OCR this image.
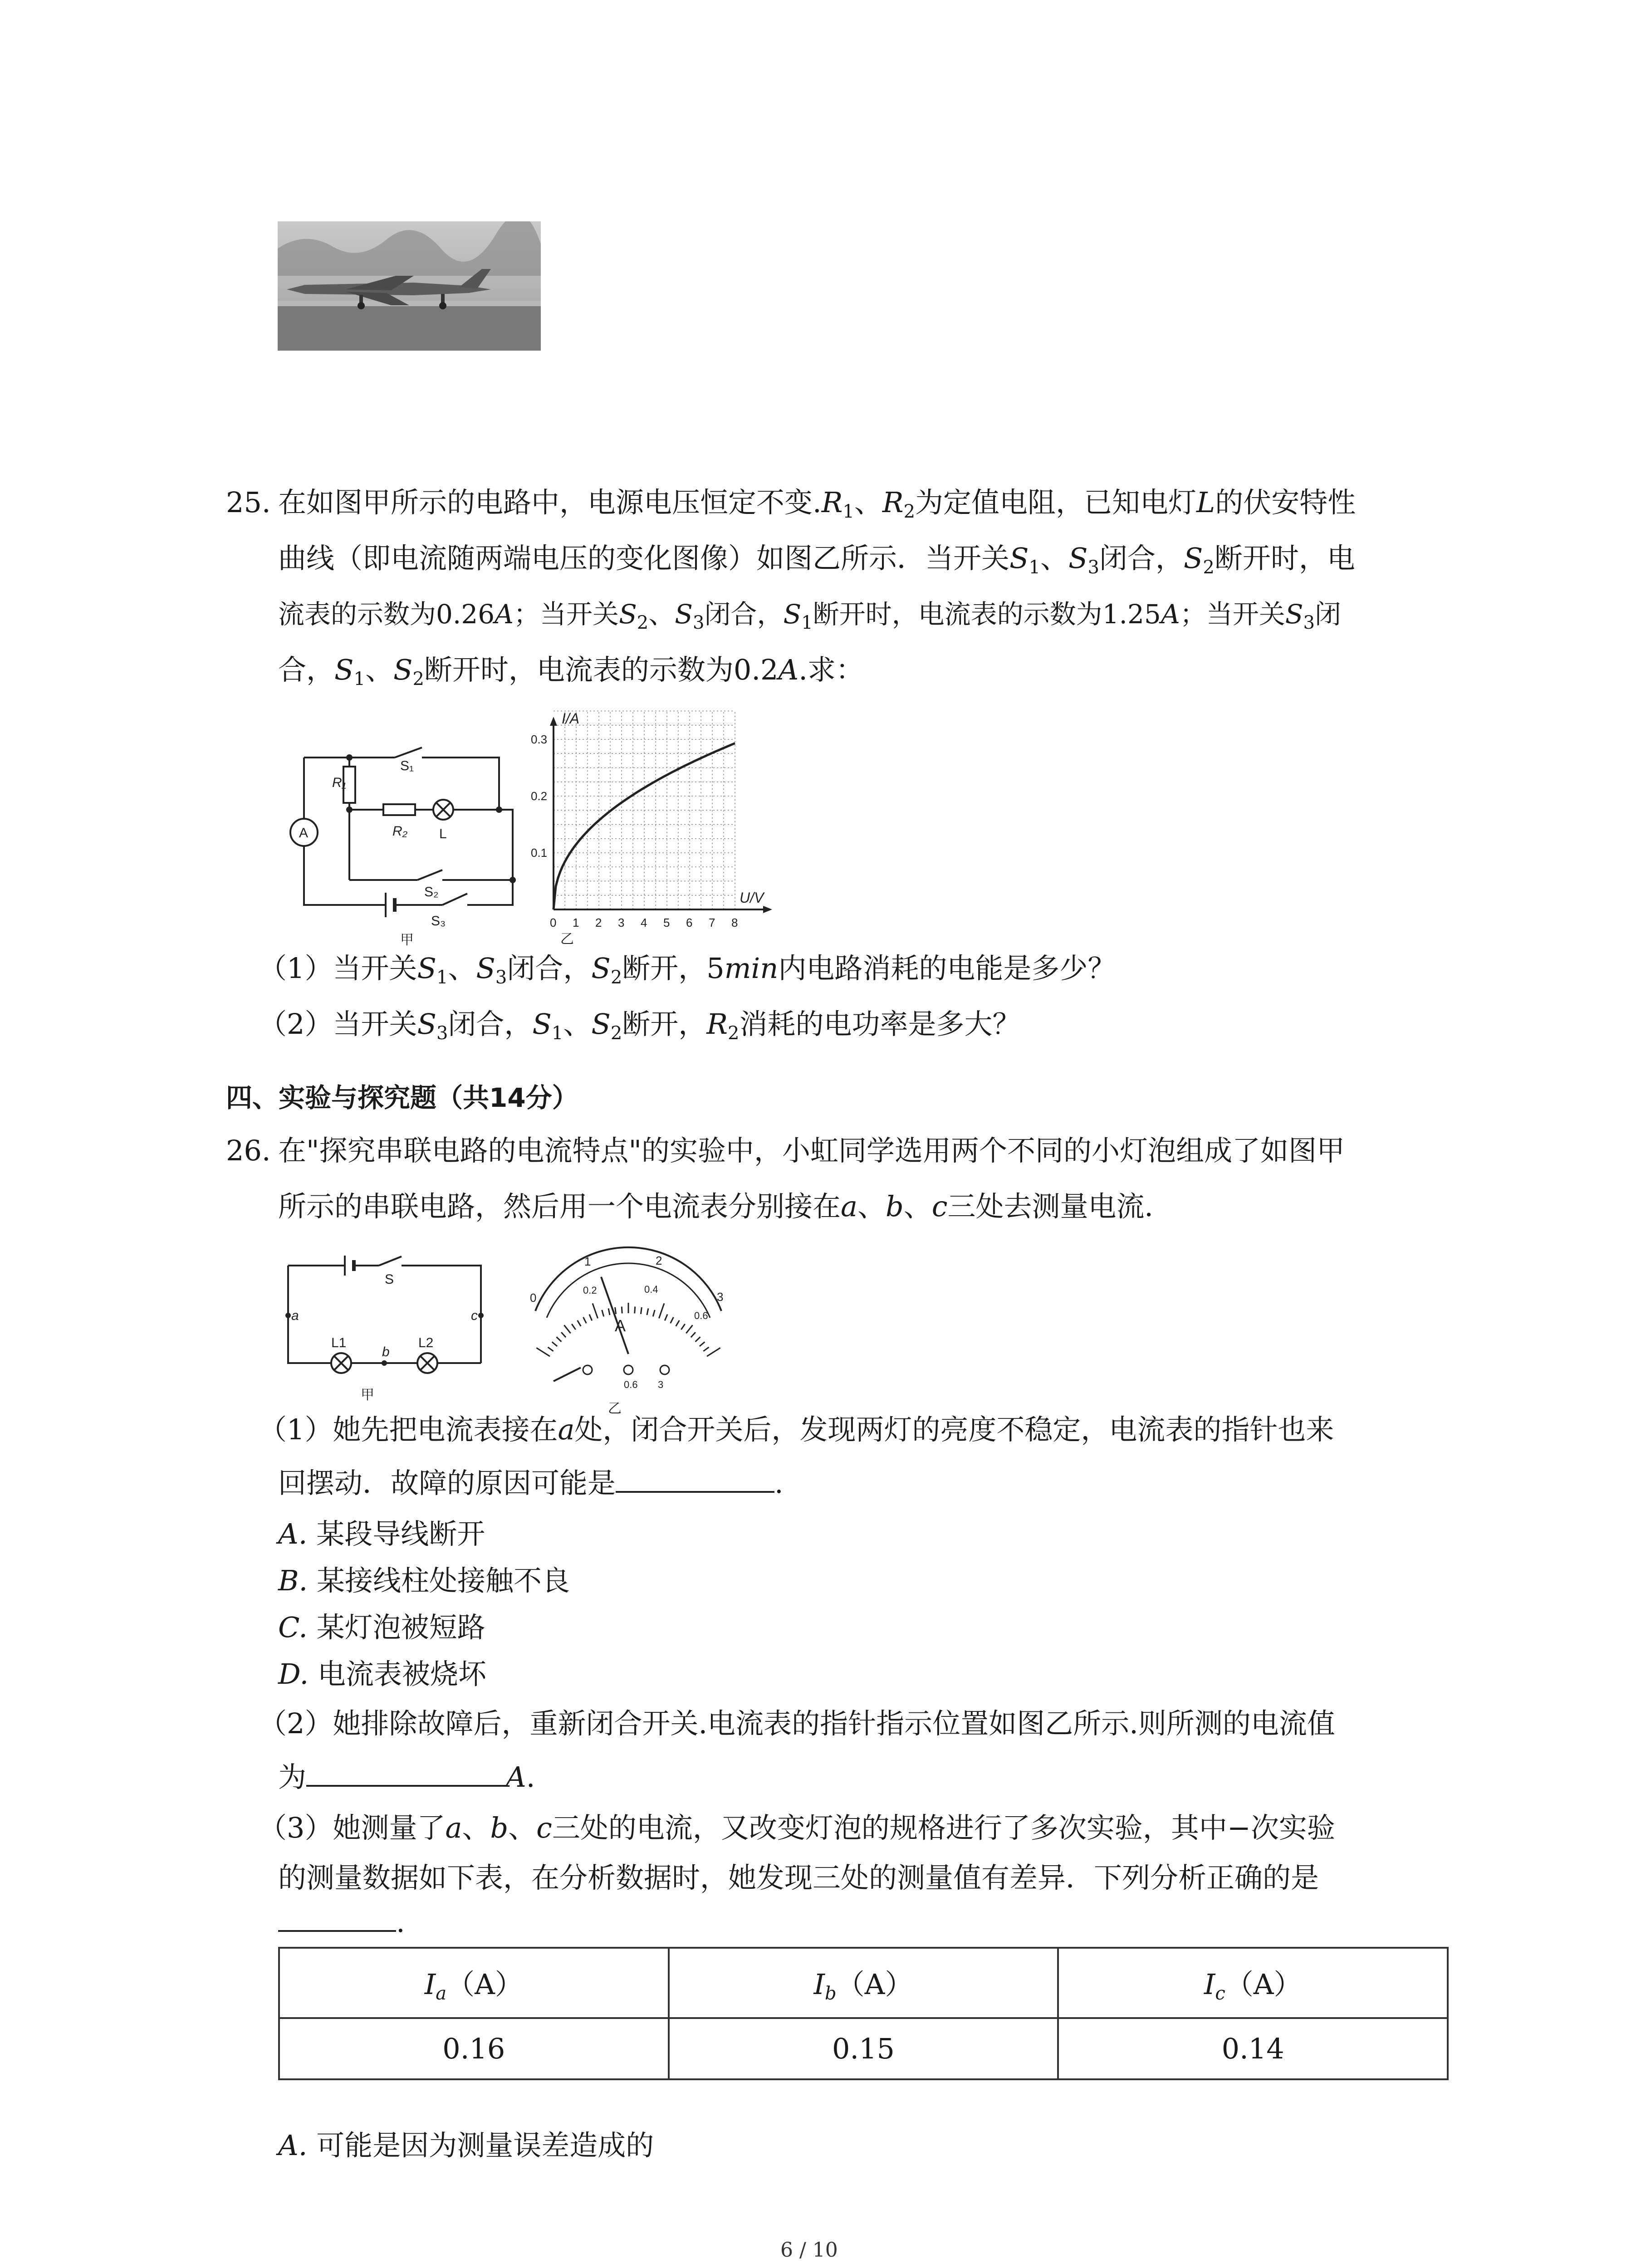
25. 在如图甲所示的电路中，电源电压恒定不变$.R_1$、$R_2$为定值电阻，已知电灯L的伏安特性
曲线（即电流随两端电压的变化图像）如图乙所示．当开关$S_1$、$S_3$闭合，$S_2$断开时，电
流表的示数为0.26A；当开关$S_2$、$S_3$闭合，$S_1$断开时，电流表的示数为1.25A；当开关$S_3$闭
合，$S_1$、$S_2$断开时，电流表的示数为0.2A.求：
R₁
S₁
R₂ L
A
S₂
S₃
甲
I/A
U/V
0.1
0.2
0.3
0 1 2 3 4 5 6 7 8
乙
（1）当开关$S_1$、$S_3$闭合，$S_2$断开，5min内电路消耗的电能是多少？
（2）当开关$S_3$闭合，$S_1$、$S_2$断开，$R_2$消耗的电功率是多大？
四、实验与探究题（共14分）
26. 在"探究串联电路的电流特点"的实验中，小虹同学选用两个不同的小灯泡组成了如图甲
所示的串联电路，然后用一个电流表分别接在a、b、c三处去测量电流．
S
a
b
c
L1	L2
甲
0
1	2
3
0.2	0.4
0.6
A
0.6 3
乙
（1）她先把电流表接在a处，闭合开关后，发现两灯的亮度不稳定，电流表的指针也来
回摆动．故障的原因可能是	.
A. 某段导线断开
B. 某接线柱处接触不良
C. 某灯泡被短路
D. 电流表被烧坏
（2）她排除故障后，重新闭合开关.电流表的指针指示位置如图乙所示.则所测的电流值
为	A.
（3）她测量了a、b、c三处的电流，又改变灯泡的规格进行了多次实验，其中−次实验
的测量数据如下表，在分析数据时，她发现三处的测量值有差异．下列分析正确的是
.
$I_a(A)$	$I_b(A)$	$I_c(A)$
0.16	0.15	0.14
A. 可能是因为测量误差造成的
6 / 10
